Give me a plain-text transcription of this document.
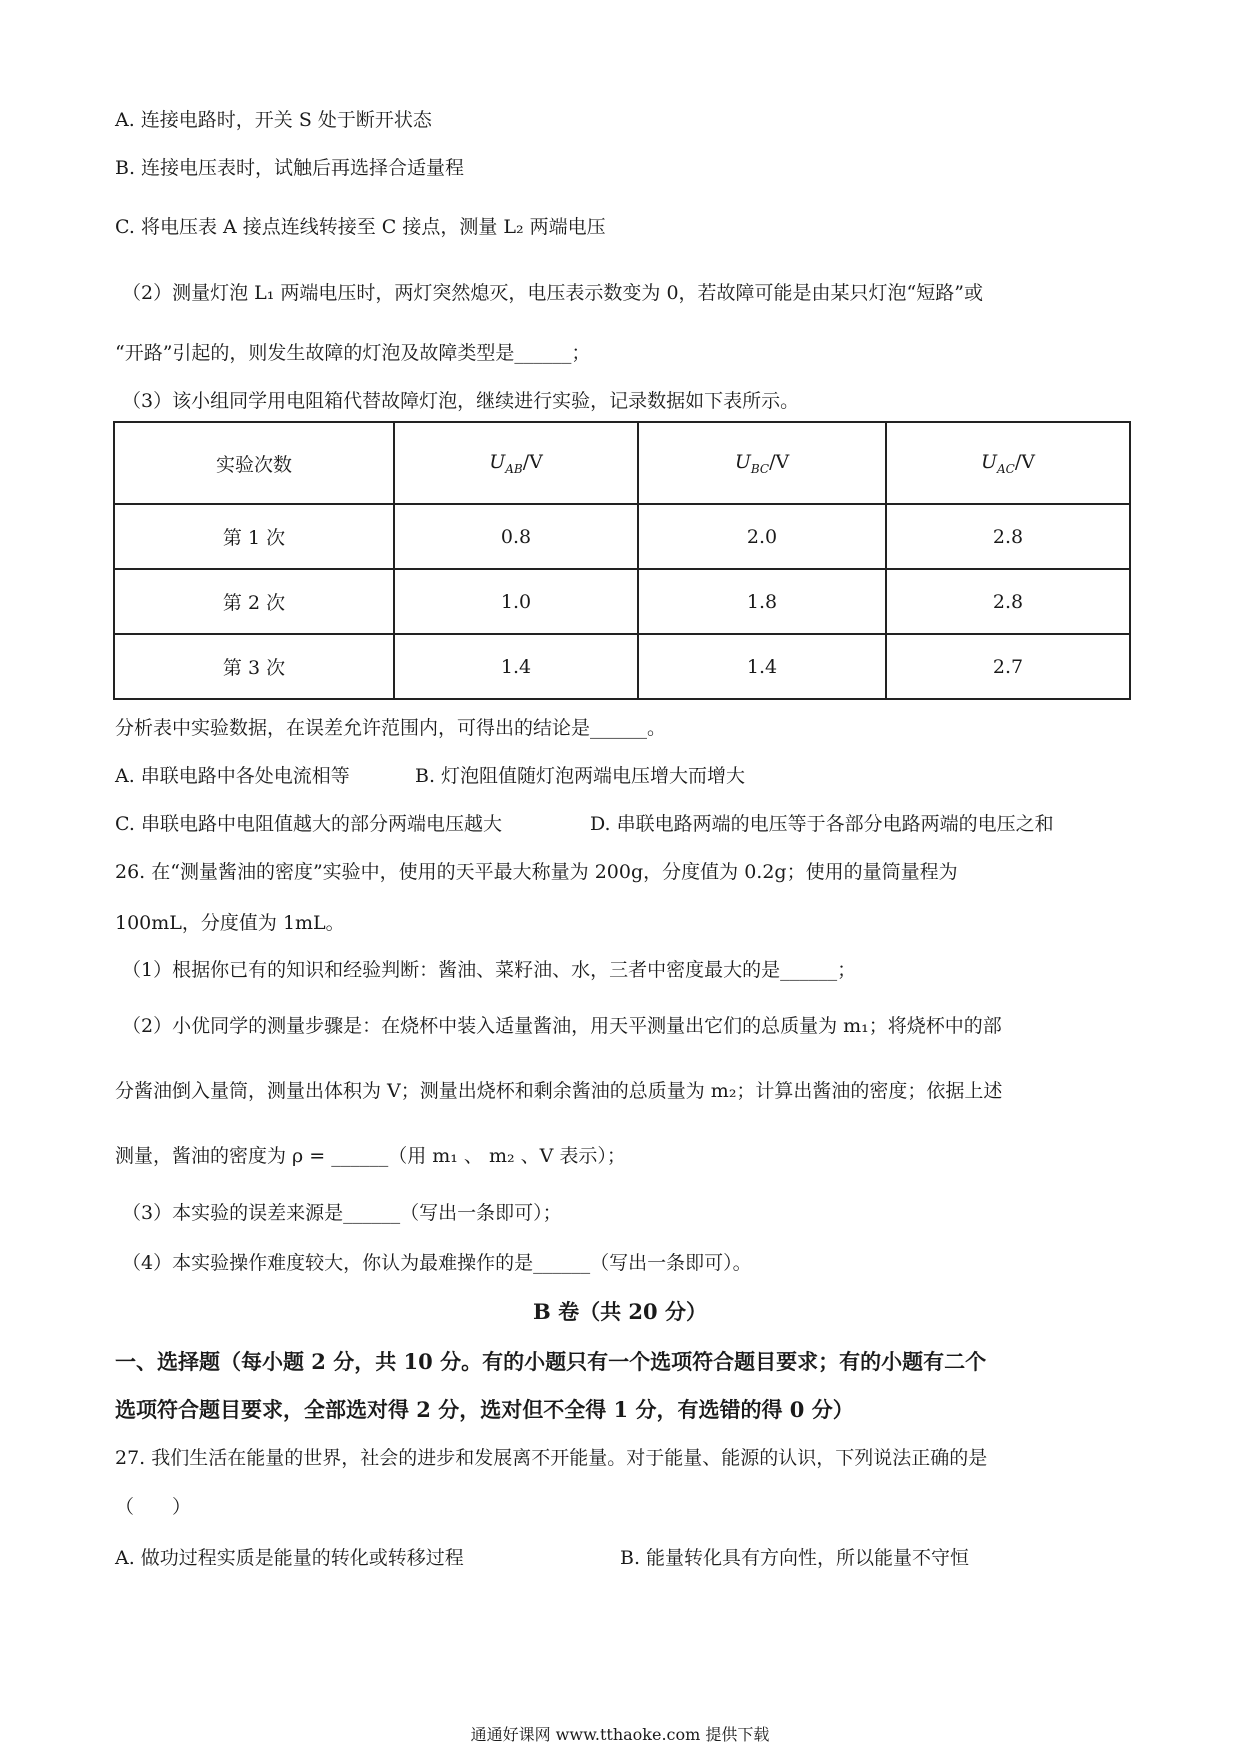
A. 连接电路时，开关 S 处于断开状态
B. 连接电压表时，试触后再选择合适量程
C. 将电压表 A 接点连线转接至 C 接点，测量 L₂ 两端电压
（2）测量灯泡 L₁ 两端电压时，两灯突然熄灭，电压表示数变为 0，若故障可能是由某只灯泡“短路”或
“开路”引起的，则发生故障的灯泡及故障类型是______；
（3）该小组同学用电阻箱代替故障灯泡，继续进行实验，记录数据如下表所示。
实验次数	$U_{AB}/V$	$U_{BC}/V$	$U_{AC}/V$
第 1 次	0.8	2.0	2.8
第 2 次	1.0	1.8	2.8
第 3 次	1.4	1.4	2.7
分析表中实验数据，在误差允许范围内，可得出的结论是______。
A. 串联电路中各处电流相等	B. 灯泡阻值随灯泡两端电压增大而增大
C. 串联电路中电阻值越大的部分两端电压越大	D. 串联电路两端的电压等于各部分电路两端的电压之和
26. 在“测量酱油的密度”实验中，使用的天平最大称量为 200g，分度值为 0.2g；使用的量筒量程为
100mL，分度值为 1mL。
（1）根据你已有的知识和经验判断：酱油、菜籽油、水，三者中密度最大的是______；
（2）小优同学的测量步骤是：在烧杯中装入适量酱油，用天平测量出它们的总质量为 m₁；将烧杯中的部
分酱油倒入量筒，测量出体积为 V；测量出烧杯和剩余酱油的总质量为 m₂；计算出酱油的密度；依据上述
测量，酱油的密度为 ρ = ______（用 m₁ 、 m₂ 、V 表示）；
（3）本实验的误差来源是______（写出一条即可）；
（4）本实验操作难度较大，你认为最难操作的是______（写出一条即可）。
B 卷（共 20 分）
一、选择题（每小题 2 分，共 10 分。有的小题只有一个选项符合题目要求；有的小题有二个
选项符合题目要求，全部选对得 2 分，选对但不全得 1 分，有选错的得 0 分）
27. 我们生活在能量的世界，社会的进步和发展离不开能量。对于能量、能源的认识，下列说法正确的是
（　　）
A. 做功过程实质是能量的转化或转移过程	B. 能量转化具有方向性，所以能量不守恒
通通好课网 www.tthaoke.com 提供下载
